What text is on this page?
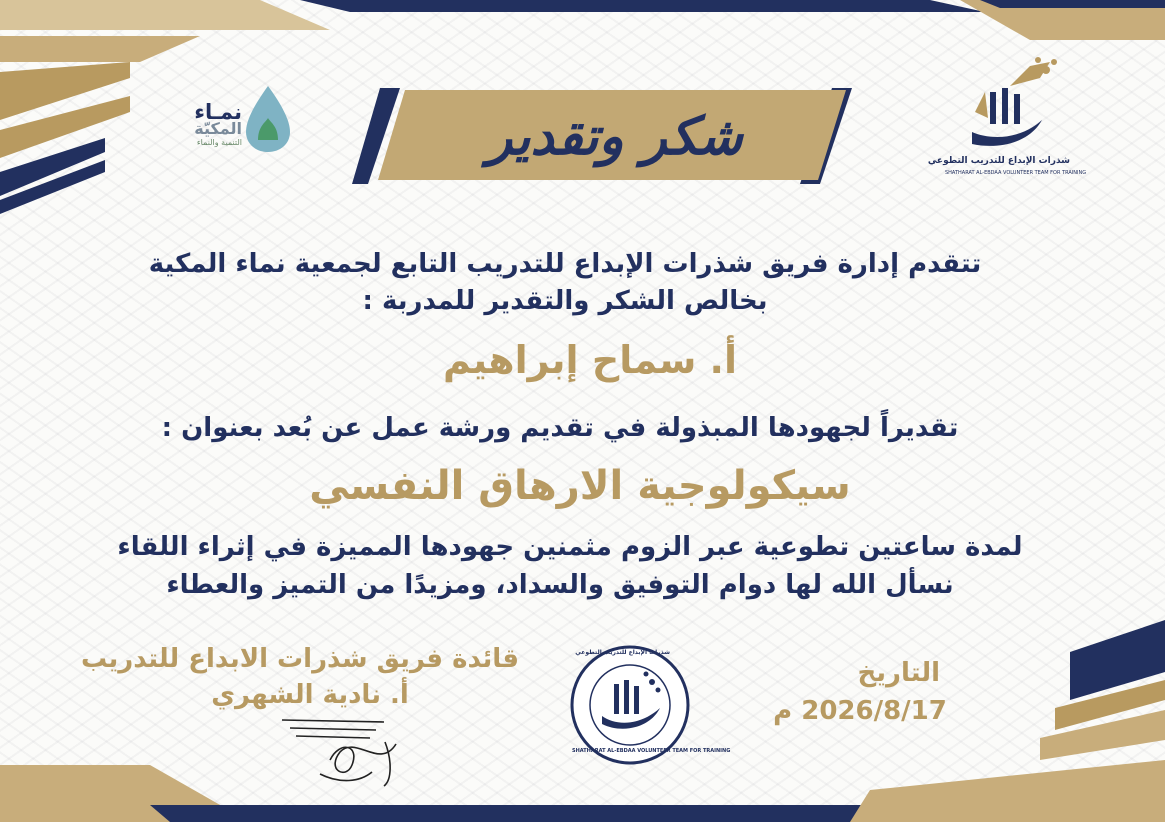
شكر وتقدير
نمـاء
المكيّة
التنمية والنماء
شذرات الإبداع للتدريب التطوعي
SHATHARAT AL-EBDAA VOLUNTEER TEAM FOR TRAINING
تتقدم إدارة فريق شذرات الإبداع للتدريب التابع لجمعية نماء المكية
بخالص الشكر والتقدير للمدربة :
أ. سماح إبراهيم
تقديراً لجهودها المبذولة في تقديم ورشة عمل عن بُعد بعنوان :
سيكولوجية الارهاق النفسي
لمدة ساعتين تطوعية عبر الزوم مثمنين جهودها المميزة في إثراء اللقاء
نسأل الله لها دوام التوفيق والسداد، ومزيدًا من التميز والعطاء
قائدة فريق شذرات الابداع للتدريب
أ. نادية الشهري
التاريخ
2026/8/17 م
شذرات الإبداع للتدريب التطوعي
SHATHARAT AL-EBDAA VOLUNTEER TEAM FOR TRAINING
